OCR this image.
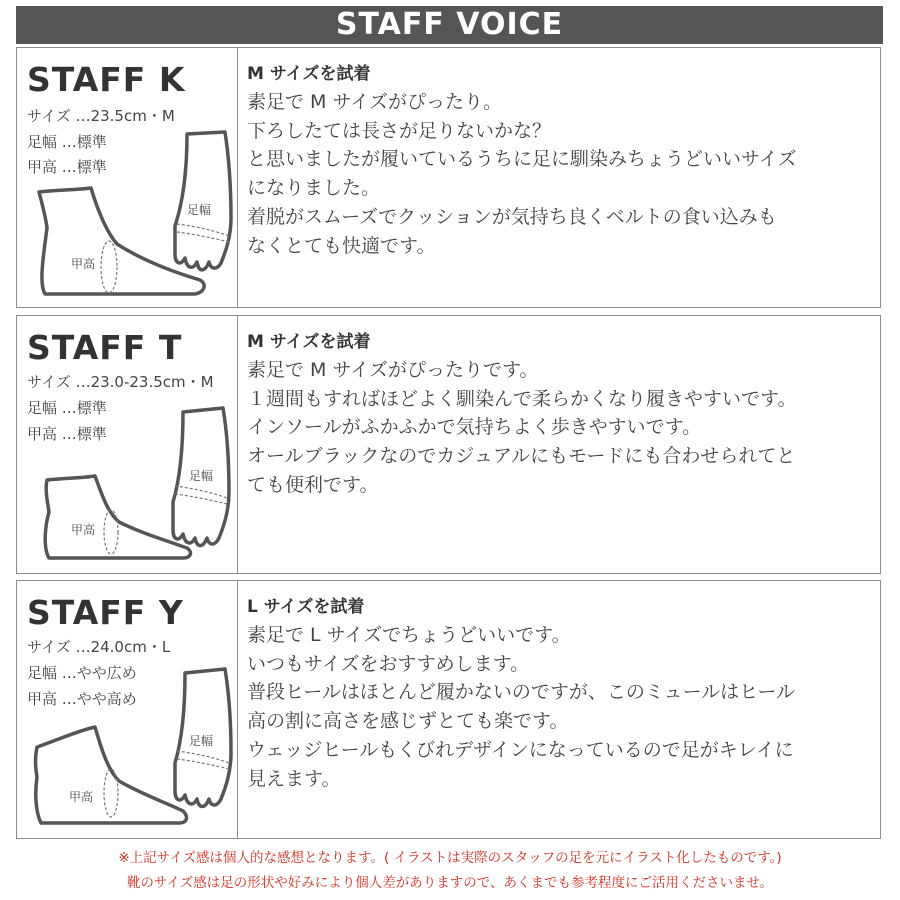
STAFF VOICE
STAFF K
サイズ …23.5cm・M
足幅 …標準
甲高 …標準
足幅
甲高
M サイズを試着
素足で M サイズがぴったり。
下ろしたては長さが足りないかな？
と思いましたが履いているうちに足に馴染みちょうどいいサイズ
になりました。
着脱がスムーズでクッションが気持ち良くベルトの食い込みも
なくとても快適です。
STAFF T
サイズ …23.0-23.5cm・M
足幅 …標準
甲高 …標準
足幅
甲高
M サイズを試着
素足で M サイズがぴったりです。
１週間もすればほどよく馴染んで柔らかくなり履きやすいです。
インソールがふかふかで気持ちよく歩きやすいです。
オールブラックなのでカジュアルにもモードにも合わせられてと
ても便利です。
STAFF Y
サイズ …24.0cm・L
足幅 …やや広め
甲高 …やや高め
足幅
甲高
L サイズを試着
素足で L サイズでちょうどいいです。
いつもサイズをおすすめします。
普段ヒールはほとんど履かないのですが、このミュールはヒール
高の割に高さを感じずとても楽です。
ウェッジヒールもくびれデザインになっているので足がキレイに
見えます。
※上記サイズ感は個人的な感想となります。( イラストは実際のスタッフの足を元にイラスト化したものです。)
靴のサイズ感は足の形状や好みにより個人差がありますので、あくまでも参考程度にご活用くださいませ。
